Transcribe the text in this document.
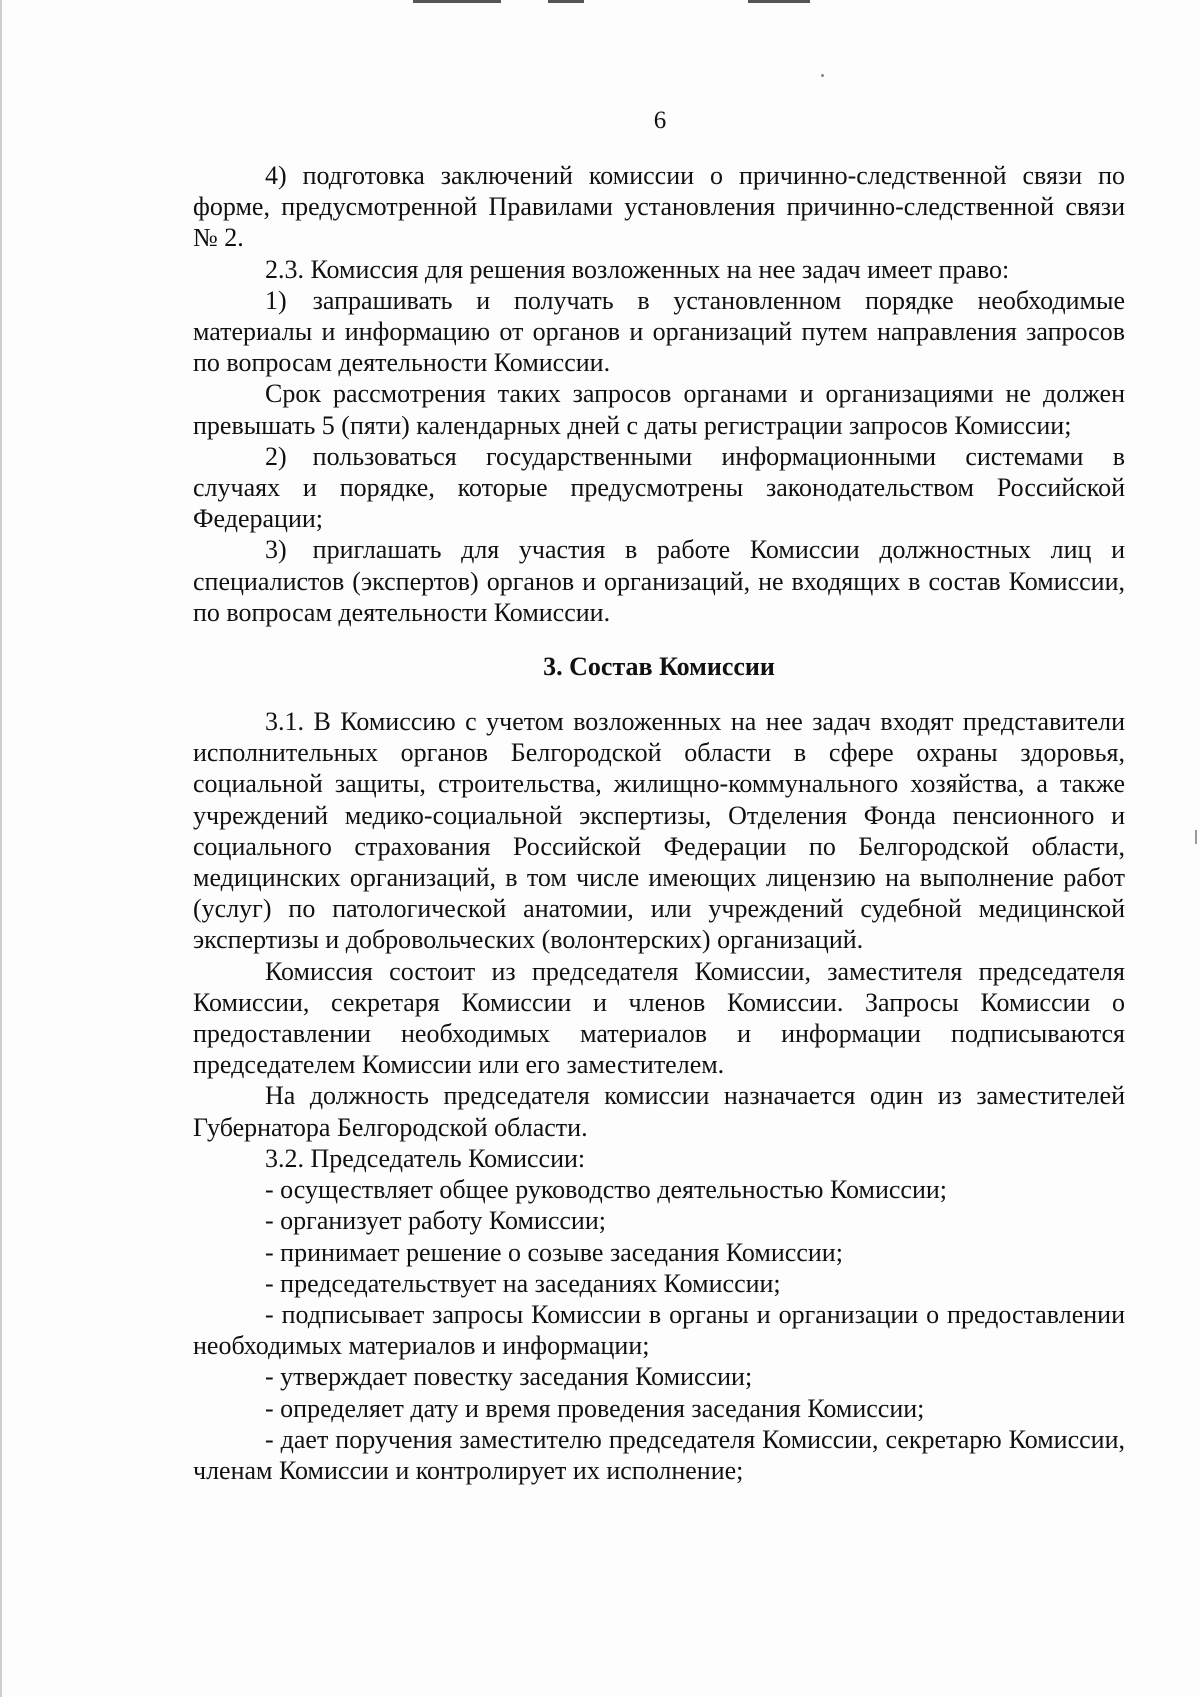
6

4) подготовка заключений комиссии о причинно-следственной связи по форме, предусмотренной Правилами установления причинно-следственной связи № 2.

2.3. Комиссия для решения возложенных на нее задач имеет право:

1) запрашивать и получать в установленном порядке необходимые материалы и информацию от органов и организаций путем направления запросов по вопросам деятельности Комиссии.

Срок рассмотрения таких запросов органами и организациями не должен превышать 5 (пяти) календарных дней с даты регистрации запросов Комиссии;

2) пользоваться государственными информационными системами в случаях и порядке, которые предусмотрены законодательством Российской Федерации;

3) приглашать для участия в работе Комиссии должностных лиц и специалистов (экспертов) органов и организаций, не входящих в состав Комиссии, по вопросам деятельности Комиссии.

3. Состав Комиссии

3.1. В Комиссию с учетом возложенных на нее задач входят представители исполнительных органов Белгородской области в сфере охраны здоровья, социальной защиты, строительства, жилищно-коммунального хозяйства, а также учреждений медико-социальной экспертизы, Отделения Фонда пенсионного и социального страхования Российской Федерации по Белгородской области, медицинских организаций, в том числе имеющих лицензию на выполнение работ (услуг) по патологической анатомии, или учреждений судебной медицинской экспертизы и добровольческих (волонтерских) организаций.

Комиссия состоит из председателя Комиссии, заместителя председателя Комиссии, секретаря Комиссии и членов Комиссии. Запросы Комиссии о предоставлении необходимых материалов и информации подписываются председателем Комиссии или его заместителем.

На должность председателя комиссии назначается один из заместителей Губернатора Белгородской области.

3.2. Председатель Комиссии:

- осуществляет общее руководство деятельностью Комиссии;

- организует работу Комиссии;

- принимает решение о созыве заседания Комиссии;

- председательствует на заседаниях Комиссии;

- подписывает запросы Комиссии в органы и организации о предоставлении необходимых материалов и информации;

- утверждает повестку заседания Комиссии;

- определяет дату и время проведения заседания Комиссии;

- дает поручения заместителю председателя Комиссии, секретарю Комиссии, членам Комиссии и контролирует их исполнение;
